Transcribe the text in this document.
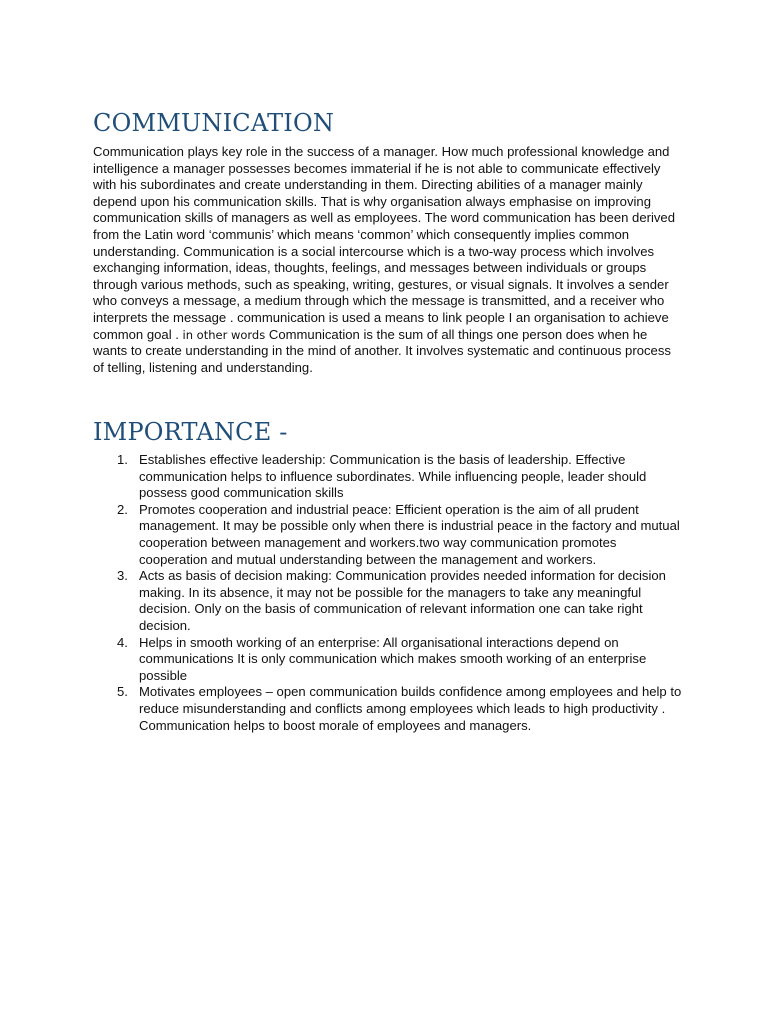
COMMUNICATION

Communication plays key role in the success of a manager. How much professional knowledge and intelligence a manager possesses becomes immaterial if he is not able to communicate effectively with his subordinates and create understanding in them. Directing abilities of a manager mainly depend upon his communication skills. That is why organisation always emphasise on improving communication skills of managers as well as employees. The word communication has been derived from the Latin word ‘communis’ which means ‘common’ which consequently implies common understanding. Communication is a social intercourse which is a two-way process which involves exchanging information, ideas, thoughts, feelings, and messages between individuals or groups through various methods, such as speaking, writing, gestures, or visual signals. It involves a sender who conveys a message, a medium through which the message is transmitted, and a receiver who interprets the message . communication is used a means to link people I an organisation to achieve common goal . in other words Communication is the sum of all things one person does when he wants to create understanding in the mind of another. It involves systematic and continuous process of telling, listening and understanding.

IMPORTANCE -
1. Establishes effective leadership: Communication is the basis of leadership. Effective communication helps to influence subordinates. While influencing people, leader should possess good communication skills
2. Promotes cooperation and industrial peace: Efficient operation is the aim of all prudent management. It may be possible only when there is industrial peace in the factory and mutual cooperation between management and workers.two way communication promotes cooperation and mutual understanding between the management and workers.
3. Acts as basis of decision making: Communication provides needed information for decision making. In its absence, it may not be possible for the managers to take any meaningful decision. Only on the basis of communication of relevant information one can take right decision.
4. Helps in smooth working of an enterprise: All organisational interactions depend on communications It is only communication which makes smooth working of an enterprise possible
5. Motivates employees – open communication builds confidence among employees and help to reduce misunderstanding and conflicts among employees which leads to high productivity . Communication helps to boost morale of employees and managers.
